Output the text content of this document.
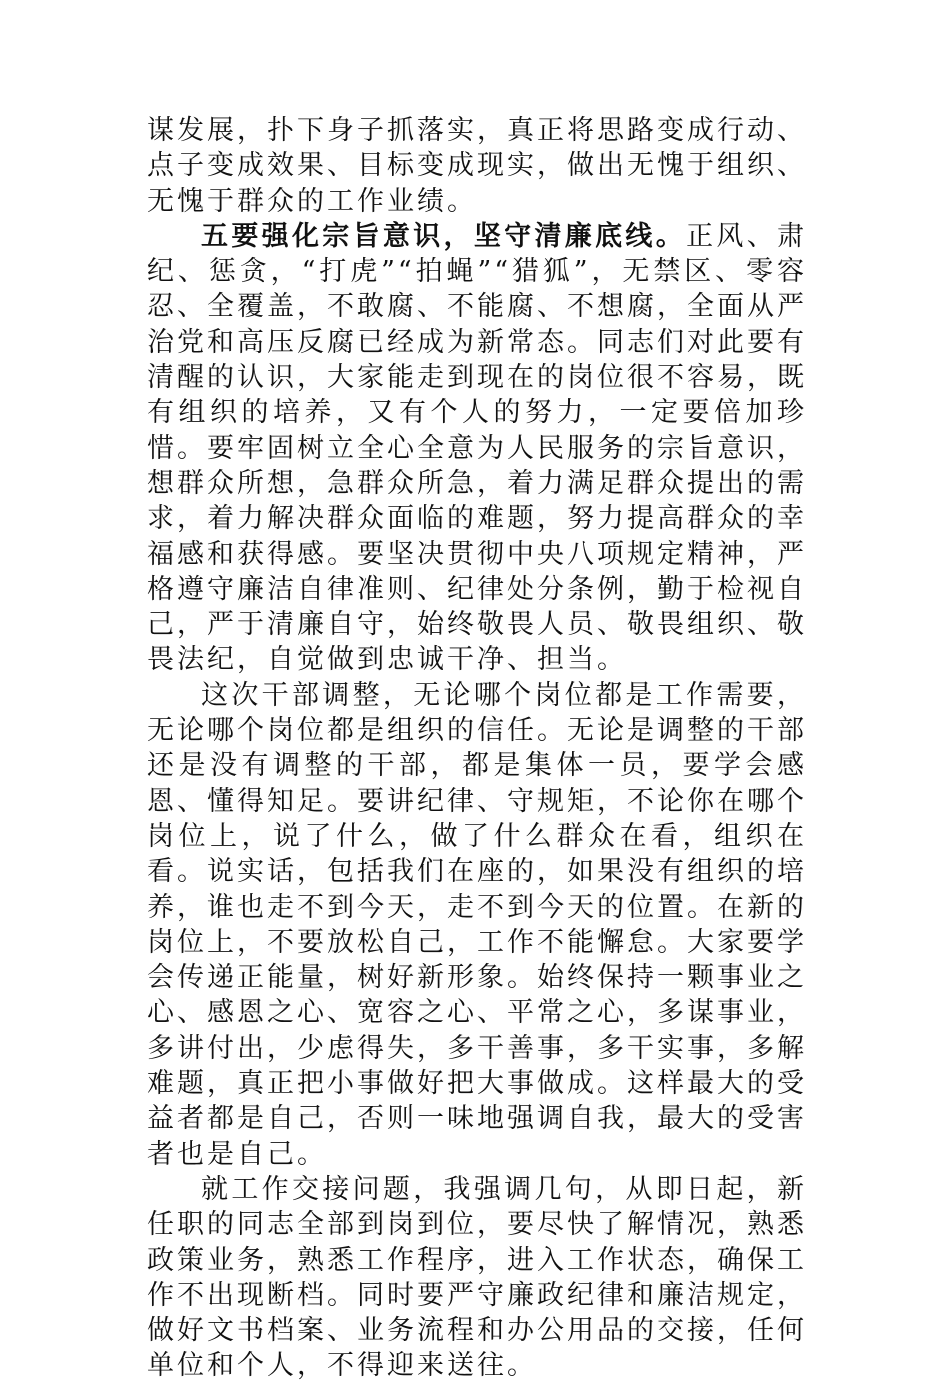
谋发展，扑下身子抓落实，真正将思路变成行动、点子变成效果、目标变成现实，做出无愧于组织、无愧于群众的工作业绩。

五要强化宗旨意识，坚守清廉底线。正风、肃纪、惩贪，“打虎”“拍蝇”“猎狐”，无禁区、零容忍、全覆盖，不敢腐、不能腐、不想腐，全面从严治党和高压反腐已经成为新常态。同志们对此要有清醒的认识，大家能走到现在的岗位很不容易，既有组织的培养，又有个人的努力，一定要倍加珍惜。要牢固树立全心全意为人民服务的宗旨意识，想群众所想，急群众所急，着力满足群众提出的需求，着力解决群众面临的难题，努力提高群众的幸福感和获得感。要坚决贯彻中央八项规定精神，严格遵守廉洁自律准则、纪律处分条例，勤于检视自己，严于清廉自守，始终敬畏人员、敬畏组织、敬畏法纪，自觉做到忠诚干净、担当。

这次干部调整，无论哪个岗位都是工作需要，无论哪个岗位都是组织的信任。无论是调整的干部还是没有调整的干部，都是集体一员，要学会感恩、懂得知足。要讲纪律、守规矩，不论你在哪个岗位上，说了什么，做了什么群众在看，组织在看。说实话，包括我们在座的，如果没有组织的培养，谁也走不到今天，走不到今天的位置。在新的岗位上，不要放松自己，工作不能懈怠。大家要学会传递正能量，树好新形象。始终保持一颗事业之心、感恩之心、宽容之心、平常之心，多谋事业，多讲付出，少虑得失，多干善事，多干实事，多解难题，真正把小事做好把大事做成。这样最大的受益者都是自己，否则一味地强调自我，最大的受害者也是自己。

就工作交接问题，我强调几句，从即日起，新任职的同志全部到岗到位，要尽快了解情况，熟悉政策业务，熟悉工作程序，进入工作状态，确保工作不出现断档。同时要严守廉政纪律和廉洁规定，做好文书档案、业务流程和办公用品的交接，任何单位和个人，不得迎来送往。
